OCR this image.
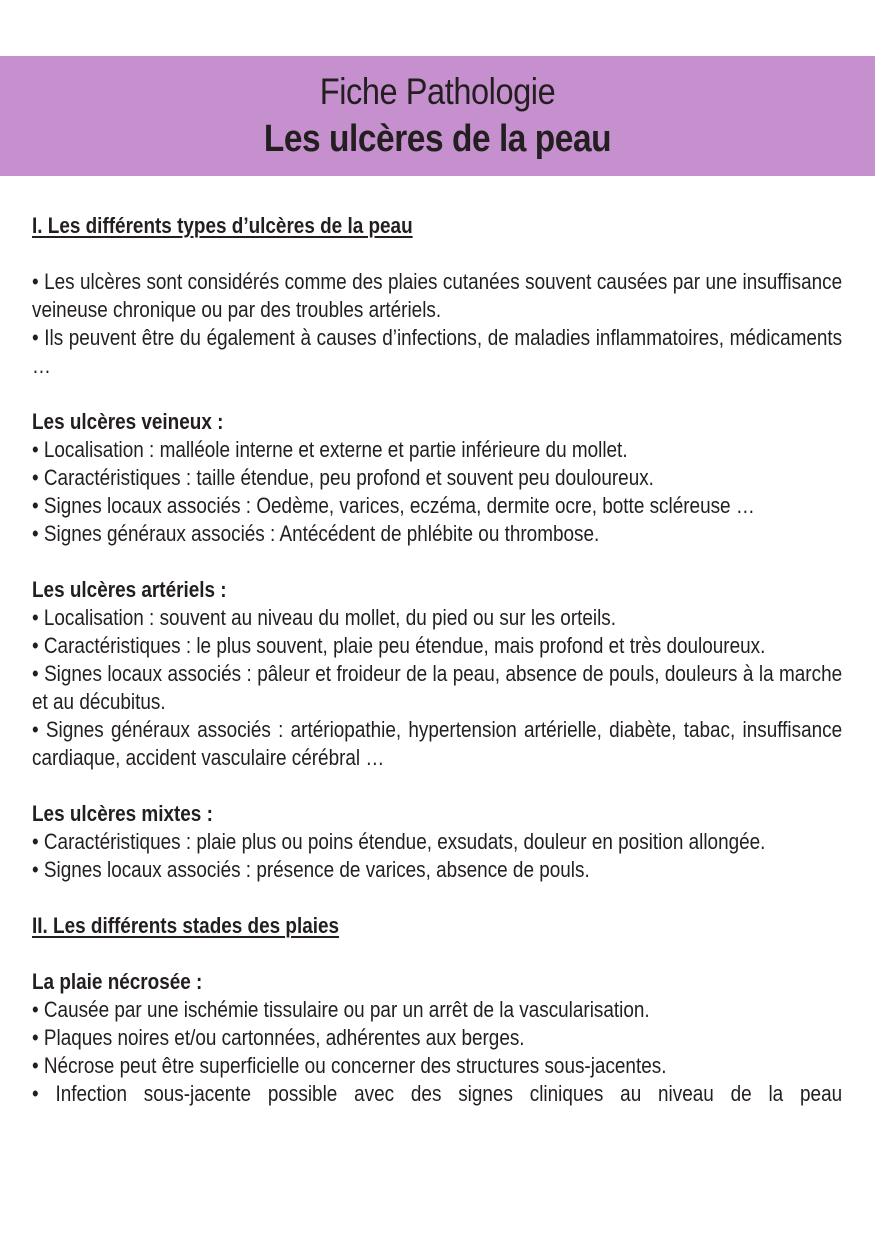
Fiche Pathologie
Les ulcères de la peau
I. Les différents types d’ulcères de la peau
• Les ulcères sont considérés comme des plaies cutanées souvent causées par une insuffisance veineuse chronique ou par des troubles artériels.
• Ils peuvent être du également à causes d’infections, de maladies inflammatoires, médicaments …
Les ulcères veineux :
• Localisation : malléole interne et externe et partie inférieure du mollet.
• Caractéristiques : taille étendue, peu profond et souvent peu douloureux.
• Signes locaux associés : Oedème, varices, eczéma, dermite ocre, botte scléreuse …
• Signes généraux associés : Antécédent de phlébite ou thrombose.
Les ulcères artériels :
• Localisation : souvent au niveau du mollet, du pied ou sur les orteils.
• Caractéristiques : le plus souvent, plaie peu étendue, mais profond et très douloureux.
• Signes locaux associés : pâleur et froideur de la peau, absence de pouls, douleurs à la marche et au décubitus.
• Signes généraux associés : artériopathie, hypertension artérielle, diabète, tabac, insuffisance cardiaque, accident vasculaire cérébral …
Les ulcères mixtes :
• Caractéristiques : plaie plus ou poins étendue, exsudats, douleur en position allongée.
• Signes locaux associés : présence de varices, absence de pouls.
II. Les différents stades des plaies
La plaie nécrosée :
• Causée par une ischémie tissulaire ou par un arrêt de la vascularisation.
• Plaques noires et/ou cartonnées, adhérentes aux berges.
• Nécrose peut être superficielle ou concerner des structures sous-jacentes.
• Infection sous-jacente possible avec des signes cliniques au niveau de la peau
